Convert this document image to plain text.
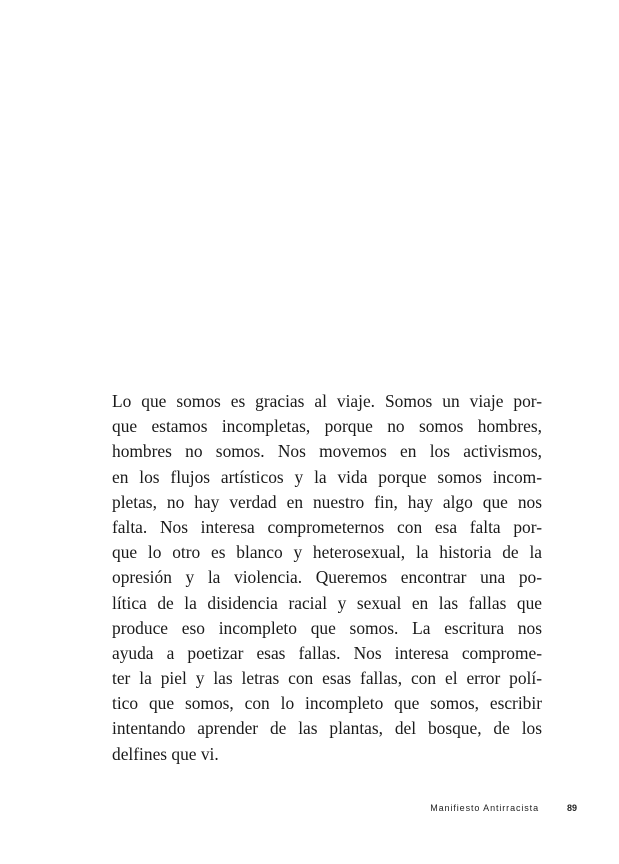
Lo que somos es gracias al viaje. Somos un viaje por-
que estamos incompletas, porque no somos hombres,
hombres no somos. Nos movemos en los activismos,
en los flujos artísticos y la vida porque somos incom-
pletas, no hay verdad en nuestro fin, hay algo que nos
falta. Nos interesa comprometernos con esa falta por-
que lo otro es blanco y heterosexual, la historia de la
opresión y la violencia. Queremos encontrar una po-
lítica de la disidencia racial y sexual en las fallas que
produce eso incompleto que somos. La escritura nos
ayuda a poetizar esas fallas. Nos interesa comprome-
ter la piel y las letras con esas fallas, con el error polí-
tico que somos, con lo incompleto que somos, escribir
intentando aprender de las plantas, del bosque, de los
delfines que vi.
Manifiesto Antirracista	89
